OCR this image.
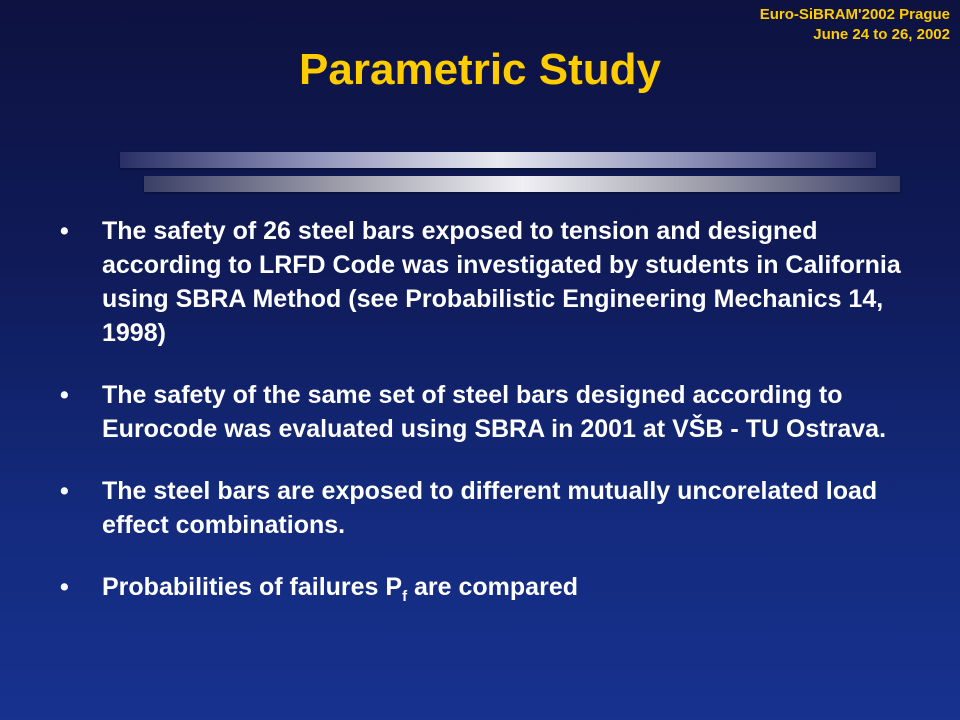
Euro-SiBRAM'2002 Prague
June 24 to 26, 2002
Parametric Study
•	The safety of 26 steel bars exposed to tension and designed according to LRFD Code was investigated by students in California using SBRA Method (see Probabilistic Engineering Mechanics 14, 1998)
•	The safety of the same set of steel bars designed according to Eurocode was evaluated using SBRA in 2001 at VŠB - TU Ostrava.
•	The steel bars are exposed to different mutually uncorelated load effect combinations.
•	Probabilities of failures $P_f$ are compared
